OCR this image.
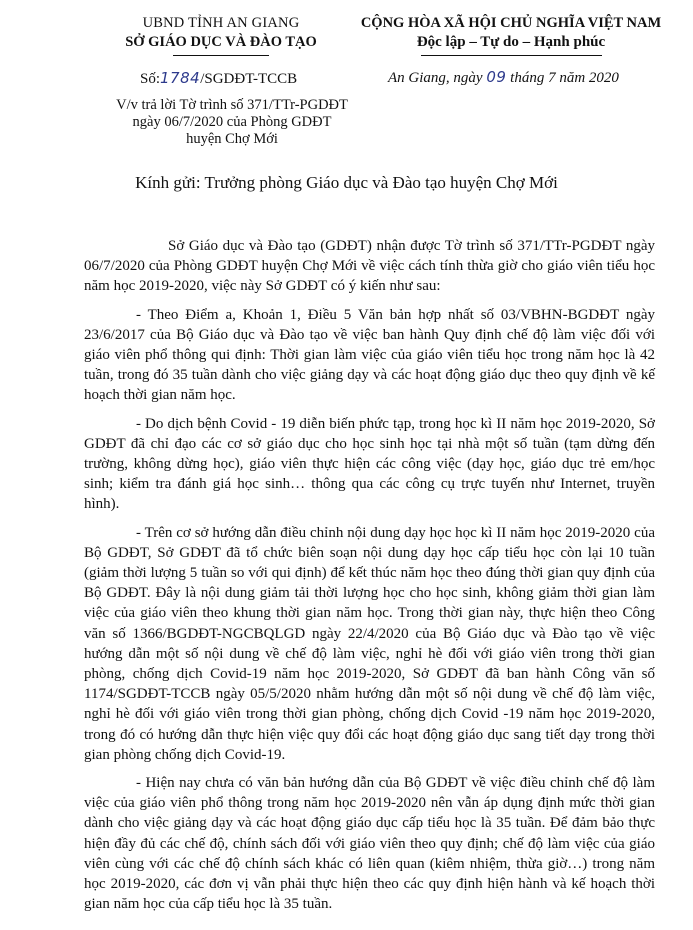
UBND TỈNH AN GIANG
SỞ GIÁO DỤC VÀ ĐÀO TẠO
CỘNG HÒA XÃ HỘI CHỦ NGHĨA VIỆT NAM
Độc lập – Tự do – Hạnh phúc
Số:1784/SGDĐT-TCCB	An Giang, ngày 09 tháng 7 năm 2020
V/v trả lời Tờ trình số 371/TTr-PGDĐT
ngày 06/7/2020 của Phòng GDĐT
huyện Chợ Mới
Kính gửi: Trưởng phòng Giáo dục và Đào tạo huyện Chợ Mới

Sở Giáo dục và Đào tạo (GDĐT) nhận được Tờ trình số 371/TTr-PGDĐT ngày 06/7/2020 của Phòng GDĐT huyện Chợ Mới về việc cách tính thừa giờ cho giáo viên tiểu học năm học 2019-2020, việc này Sở GDĐT có ý kiến như sau:

- Theo Điểm a, Khoản 1, Điều 5 Văn bản hợp nhất số 03/VBHN-BGDĐT ngày 23/6/2017 của Bộ Giáo dục và Đào tạo về việc ban hành Quy định chế độ làm việc đối với giáo viên phổ thông qui định: Thời gian làm việc của giáo viên tiểu học trong năm học là 42 tuần, trong đó 35 tuần dành cho việc giảng dạy và các hoạt động giáo dục theo quy định về kế hoạch thời gian năm học.

- Do dịch bệnh Covid - 19 diễn biến phức tạp, trong học kì II năm học 2019-2020, Sở GDĐT đã chỉ đạo các cơ sở giáo dục cho học sinh học tại nhà một số tuần (tạm dừng đến trường, không dừng học), giáo viên thực hiện các công việc (dạy học, giáo dục trẻ em/học sinh; kiểm tra đánh giá học sinh… thông qua các công cụ trực tuyến như Internet, truyền hình).

- Trên cơ sở hướng dẫn điều chỉnh nội dung dạy học học kì II năm học 2019-2020 của Bộ GDĐT, Sở GDĐT đã tổ chức biên soạn nội dung dạy học cấp tiểu học còn lại 10 tuần (giảm thời lượng 5 tuần so với qui định) để kết thúc năm học theo đúng thời gian quy định của Bộ GDĐT. Đây là nội dung giảm tải thời lượng học cho học sinh, không giảm thời gian làm việc của giáo viên theo khung thời gian năm học. Trong thời gian này, thực hiện theo Công văn số 1366/BGDĐT-NGCBQLGD ngày 22/4/2020 của Bộ Giáo dục và Đào tạo về việc hướng dẫn một số nội dung về chế độ làm việc, nghỉ hè đối với giáo viên trong thời gian phòng, chống dịch Covid-19 năm học 2019-2020, Sở GDĐT đã ban hành Công văn số 1174/SGDĐT-TCCB ngày 05/5/2020 nhằm hướng dẫn một số nội dung về chế độ làm việc, nghỉ hè đối với giáo viên trong thời gian phòng, chống dịch Covid -19 năm học 2019-2020, trong đó có hướng dẫn thực hiện việc quy đổi các hoạt động giáo dục sang tiết dạy trong thời gian phòng chống dịch Covid-19.

- Hiện nay chưa có văn bản hướng dẫn của Bộ GDĐT về việc điều chỉnh chế độ làm việc của giáo viên phổ thông trong năm học 2019-2020 nên vẫn áp dụng định mức thời gian dành cho việc giảng dạy và các hoạt động giáo dục cấp tiểu học là 35 tuần. Để đảm bảo thực hiện đầy đủ các chế độ, chính sách đối với giáo viên theo quy định; chế độ làm việc của giáo viên cùng với các chế độ chính sách khác có liên quan (kiêm nhiệm, thừa giờ…) trong năm học 2019-2020, các đơn vị vẫn phải thực hiện theo các quy định hiện hành và kế hoạch thời gian năm học của cấp tiểu học là 35 tuần.
